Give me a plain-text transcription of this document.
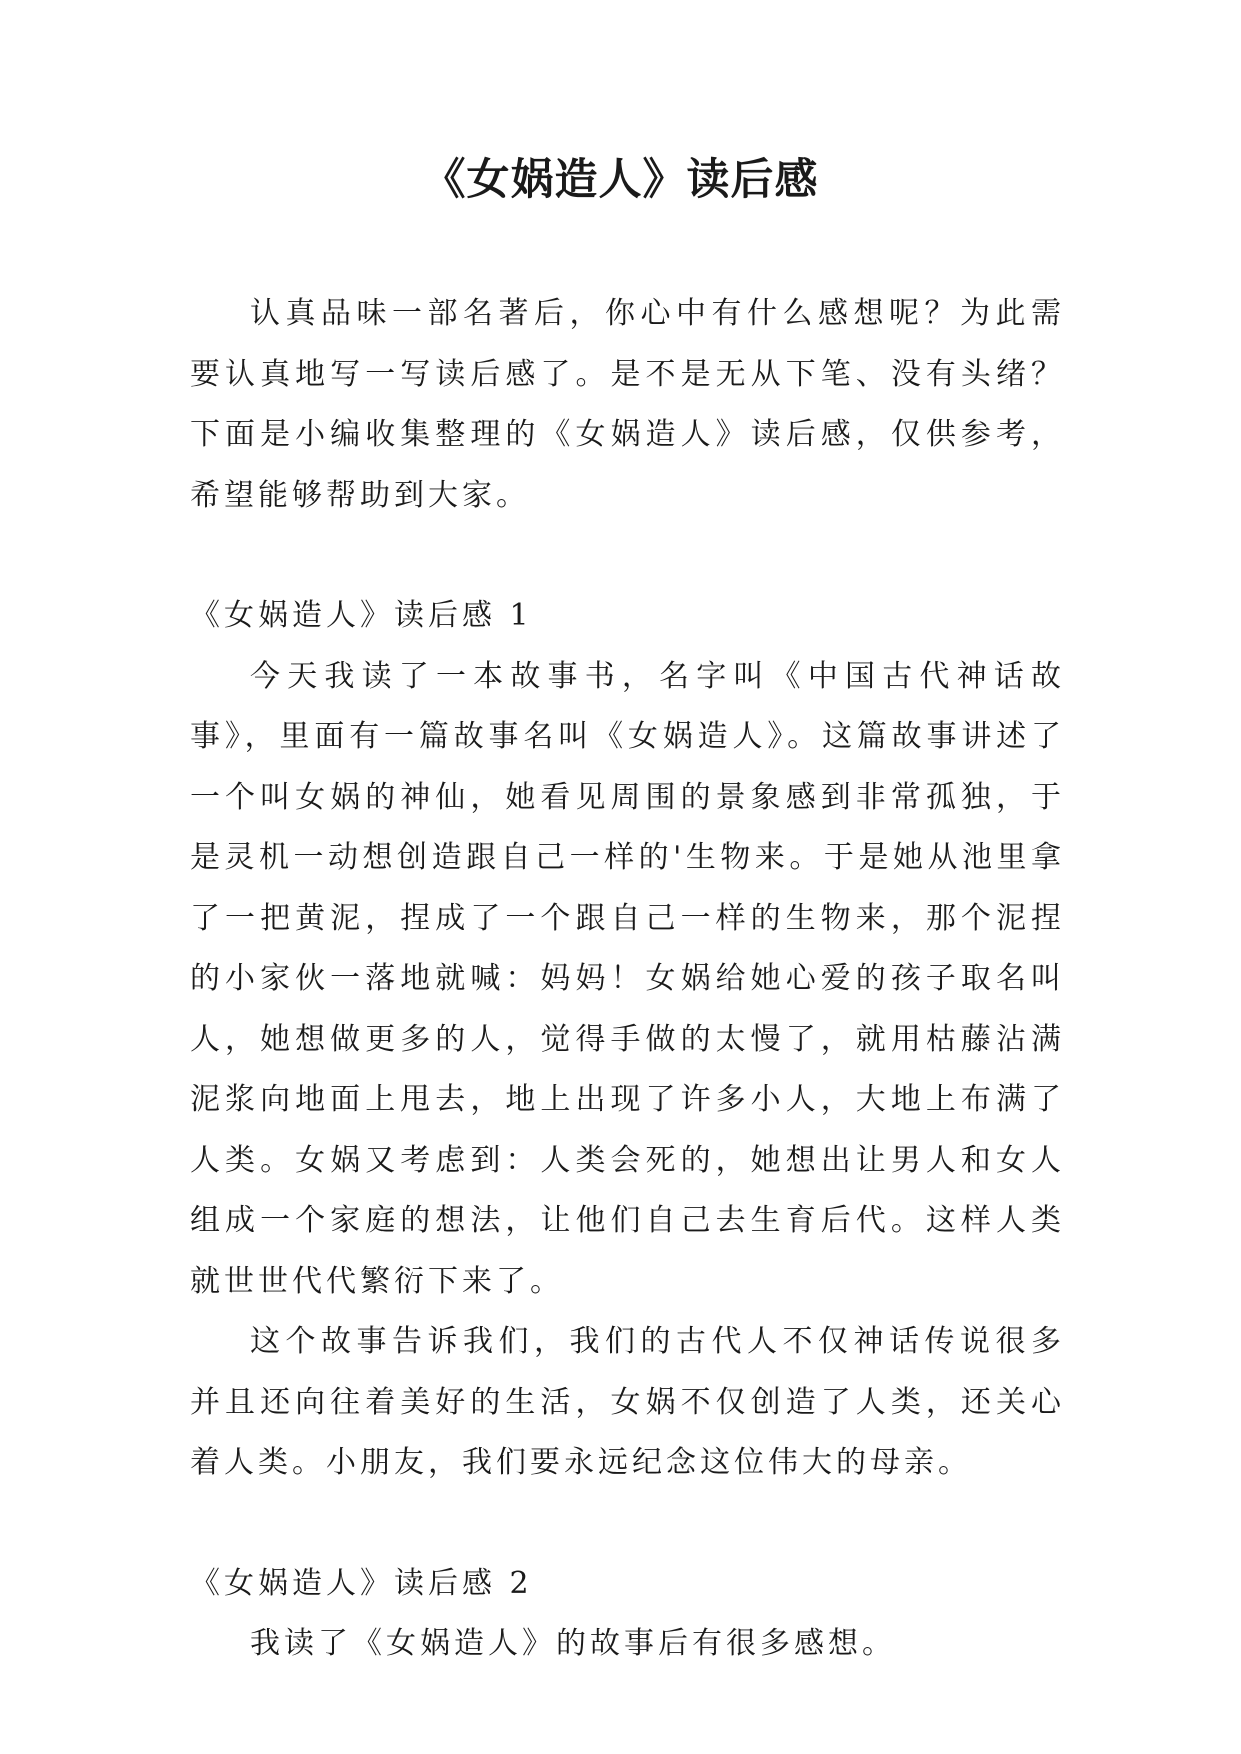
《女娲造人》读后感

认真品味一部名著后，你心中有什么感想呢？为此需要认真地写一写读后感了。是不是无从下笔、没有头绪？下面是小编收集整理的《女娲造人》读后感，仅供参考，希望能够帮助到大家。

《女娲造人》读后感 1

今天我读了一本故事书，名字叫《中国古代神话故事》，里面有一篇故事名叫《女娲造人》。这篇故事讲述了一个叫女娲的神仙，她看见周围的景象感到非常孤独，于是灵机一动想创造跟自己一样的'生物来。于是她从池里拿了一把黄泥，捏成了一个跟自己一样的生物来，那个泥捏的小家伙一落地就喊：妈妈！女娲给她心爱的孩子取名叫人，她想做更多的人，觉得手做的太慢了，就用枯藤沾满泥浆向地面上甩去，地上出现了许多小人，大地上布满了人类。女娲又考虑到：人类会死的，她想出让男人和女人组成一个家庭的想法，让他们自己去生育后代。这样人类就世世代代繁衍下来了。

这个故事告诉我们，我们的古代人不仅神话传说很多并且还向往着美好的生活，女娲不仅创造了人类，还关心着人类。小朋友，我们要永远纪念这位伟大的母亲。

《女娲造人》读后感 2

我读了《女娲造人》的故事后有很多感想。
